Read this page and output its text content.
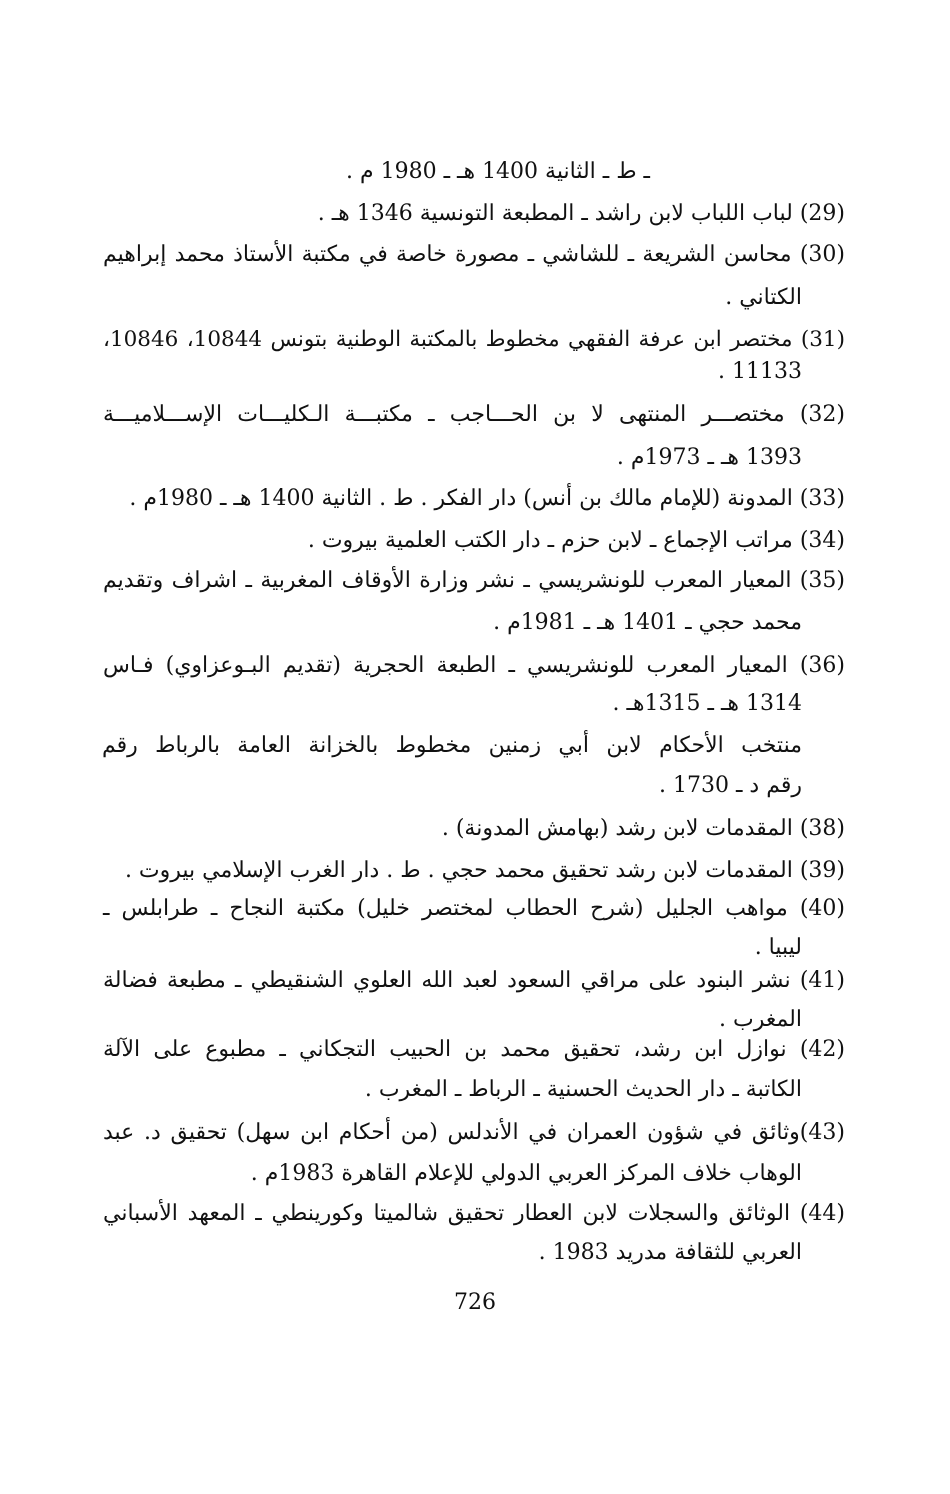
ـ ط ـ الثانية 1400 هـ ـ 1980 م .
(29) لباب اللباب لابن راشد ـ المطبعة التونسية 1346 هـ .
(30) محاسن الشريعة ـ للشاشي ـ مصورة خاصة في مكتبة الأستاذ محمد إبراهيم
الكتاني .
(31) مختصر ابن عرفة الفقهي مخطوط بالمكتبة الوطنية بتونس 10844، 10846،
11133 .
(32) مختصـــر المنتهى لا بن الحـــاجب ـ مكتبـــة الـكليـــات الإســـلاميـــة
1393 هـ ـ 1973م .
(33) المدونة (للإمام مالك بن أنس) دار الفكر . ط . الثانية 1400 هـ ـ 1980م .
(34) مراتب الإجماع ـ لابن حزم ـ دار الكتب العلمية بيروت .
(35) المعيار المعرب للونشريسي ـ نشر وزارة الأوقاف المغربية ـ اشراف وتقديم
محمد حجي ـ 1401 هـ ـ 1981م .
(36) المعيار المعرب للونشريسي ـ الطبعة الحجرية (تقديم البـوعزاوي) فـاس
1314 هـ ـ 1315هـ .
منتخب الأحكام لابن أبي زمنين مخطوط بالخزانة العامة بالرباط رقم
رقم د ـ 1730 .
(38) المقدمات لابن رشد (بهامش المدونة) .
(39) المقدمات لابن رشد تحقيق محمد حجي . ط . دار الغرب الإسلامي بيروت .
(40) مواهب الجليل (شرح الحطاب لمختصر خليل) مكتبة النجاح ـ طرابلس ـ
ليبيا .
(41) نشر البنود على مراقي السعود لعبد الله العلوي الشنقيطي ـ مطبعة فضالة
المغرب .
(42) نوازل ابن رشد، تحقيق محمد بن الحبيب التجكاني ـ مطبوع على الآلة
الكاتبة ـ دار الحديث الحسنية ـ الرباط ـ المغرب .
(43)وثائق في شؤون العمران في الأندلس (من أحكام ابن سهل) تحقيق د. عبد
الوهاب خلاف المركز العربي الدولي للإعلام القاهرة 1983م .
(44) الوثائق والسجلات لابن العطار تحقيق شالميتا وكورينطي ـ المعهد الأسباني
العربي للثقافة مدريد 1983 .
726
